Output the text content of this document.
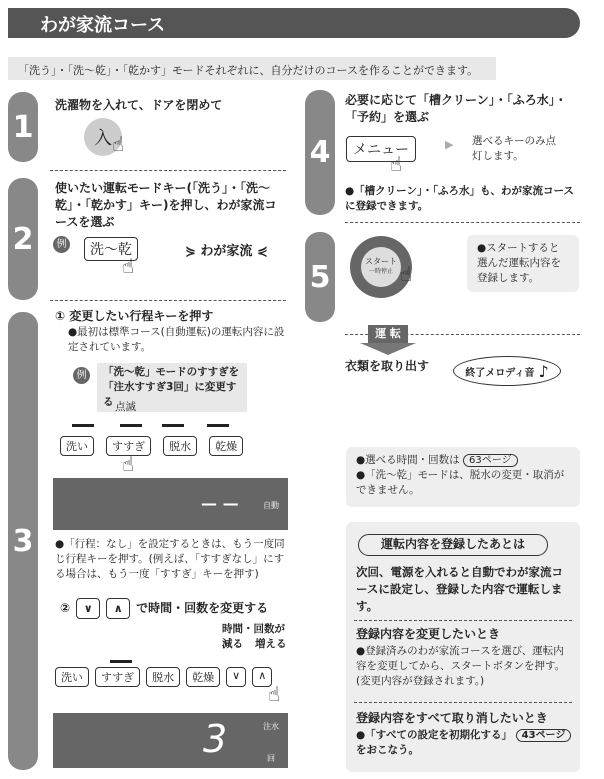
わが家流コース
「洗う」・「洗〜乾」・「乾かす」モードそれぞれに、自分だけのコースを作ることができます。
1
洗濯物を入れて、ドアを閉めて
入 ☝
2
使いたい運転モードキー(「洗う」・「洗〜乾」・「乾かす」キー)を押し、わが家流コースを選ぶ
例	洗〜乾
☝
⋟ わが家流 ⋞
3
① 変更したい行程キーを押す
●最初は標準コース(自動運転)の運転内容に設定されています。
例	「洗〜乾」モードのすすぎを「注水すすぎ3回」に変更する 点滅
洗い	すすぎ	脱水	乾燥
☝
— —	自動
●「行程：なし」を設定するときは、もう一度同じ行程キーを押す。(例えば、「すすぎなし」にする場合は、もう一度「すすぎ」キーを押す)
②	∨	∧	で時間・回数を変更する
時間・回数が
減る 増える
洗い	すすぎ	脱水	乾燥	∨	∧
☝
3	注水
回
4
必要に応じて「槽クリーン」・「ふろ水」・「予約」を選ぶ
メニュー
☝
▶ 選べるキーのみ点灯します。
●「槽クリーン」・「ふろ水」も、わが家流コースに登録できます。
5	スタート
一時停止 ☝
●スタートすると選んだ運転内容を登録します。
運 転
衣類を取り出す	終了メロディ音 ♪
●選べる時間・回数は 63ページ
●「洗〜乾」モードは、脱水の変更・取消ができません。
運転内容を登録したあとは
次回、電源を入れると自動でわが家流コースに設定し、登録した内容で運転します。
登録内容を変更したいとき
●登録済みのわが家流コースを選び、運転内容を変更してから、スタートボタンを押す。(変更内容が登録されます。)
登録内容をすべて取り消したいとき
●「すべての設定を初期化する」 43ページ をおこなう。
